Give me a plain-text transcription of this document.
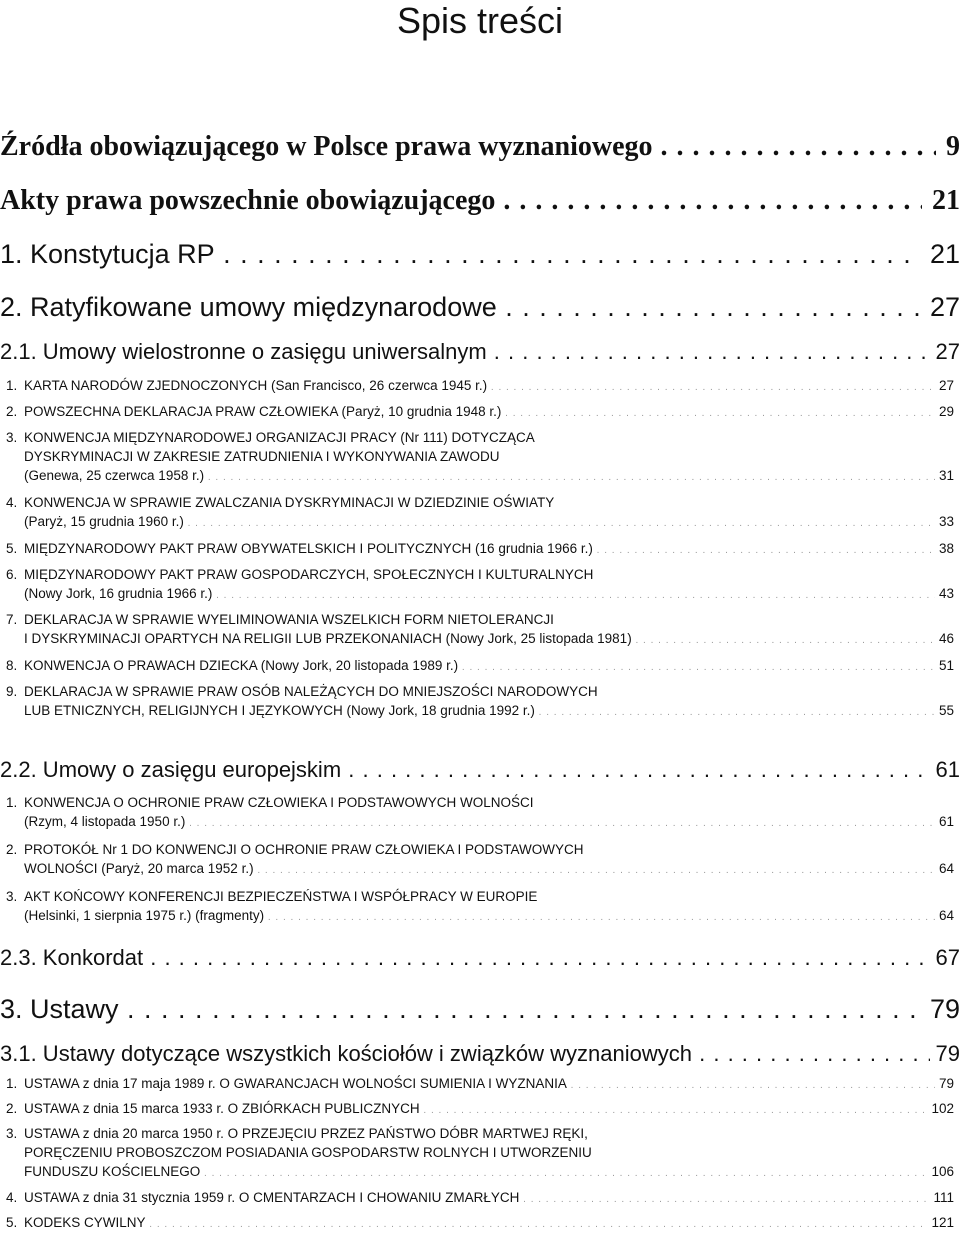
Spis treści
Źródła obowiązującego w Polsce prawa wyznaniowego . . .	9
Akty prawa powszechnie obowiązującego . . .	21
1. Konstytucja RP . . .	21
2. Ratyfikowane umowy międzynarodowe . . .	27
2.1. Umowy wielostronne o zasięgu uniwersalnym . . .	27
1. KARTA NARODÓW ZJEDNOCZONYCH (San Francisco, 26 czerwca 1945 r.) . . .	27
2. POWSZECHNA DEKLARACJA PRAW CZŁOWIEKA (Paryż, 10 grudnia 1948 r.) . . .	29
3. KONWENCJA MIĘDZYNARODOWEJ ORGANIZACJI PRACY (Nr 111) DOTYCZĄCA
DYSKRYMINACJI W ZAKRESIE ZATRUDNIENIA I WYKONYWANIA ZAWODU
(Genewa, 25 czerwca 1958 r.) . . .	31
4. KONWENCJA W SPRAWIE ZWALCZANIA DYSKRYMINACJI W DZIEDZINIE OŚWIATY
(Paryż, 15 grudnia 1960 r.) . . .	33
5. MIĘDZYNARODOWY PAKT PRAW OBYWATELSKICH I POLITYCZNYCH (16 grudnia 1966 r.) . . .	38
6. MIĘDZYNARODOWY PAKT PRAW GOSPODARCZYCH, SPOŁECZNYCH I KULTURALNYCH
(Nowy Jork, 16 grudnia 1966 r.) . . .	43
7. DEKLARACJA W SPRAWIE WYELIMINOWANIA WSZELKICH FORM NIETOLERANCJI
I DYSKRYMINACJI OPARTYCH NA RELIGII LUB PRZEKONANIACH (Nowy Jork, 25 listopada 1981) . . .	46
8. KONWENCJA O PRAWACH DZIECKA (Nowy Jork, 20 listopada 1989 r.) . . .	51
9. DEKLARACJA W SPRAWIE PRAW OSÓB NALEŻĄCYCH DO MNIEJSZOŚCI NARODOWYCH
LUB ETNICZNYCH, RELIGIJNYCH I JĘZYKOWYCH (Nowy Jork, 18 grudnia 1992 r.) . . .	55
2.2. Umowy o zasięgu europejskim . . .	61
1. KONWENCJA O OCHRONIE PRAW CZŁOWIEKA I PODSTAWOWYCH WOLNOŚCI
(Rzym, 4 listopada 1950 r.) . . .	61
2. PROTOKÓŁ Nr 1 DO KONWENCJI O OCHRONIE PRAW CZŁOWIEKA I PODSTAWOWYCH
WOLNOŚCI (Paryż, 20 marca 1952 r.) . . .	64
3. AKT KOŃCOWY KONFERENCJI BEZPIECZEŃSTWA I WSPÓŁPRACY W EUROPIE
(Helsinki, 1 sierpnia 1975 r.) (fragmenty) . . .	64
2.3. Konkordat . . .	67
3. Ustawy . . .	79
3.1. Ustawy dotyczące wszystkich kościołów i związków wyznaniowych . . .	79
1. USTAWA z dnia 17 maja 1989 r. O GWARANCJACH WOLNOŚCI SUMIENIA I WYZNANIA . . .	79
2. USTAWA z dnia 15 marca 1933 r. O ZBIÓRKACH PUBLICZNYCH . . .	102
3. USTAWA z dnia 20 marca 1950 r. O PRZEJĘCIU PRZEZ PAŃSTWO DÓBR MARTWEJ RĘKI,
PORĘCZENIU PROBOSZCZOM POSIADANIA GOSPODARSTW ROLNYCH I UTWORZENIU
FUNDUSZU KOŚCIELNEGO . . .	106
4. USTAWA z dnia 31 stycznia 1959 r. O CMENTARZACH I CHOWANIU ZMARŁYCH . . .	111
5. KODEKS CYWILNY . . .	121
